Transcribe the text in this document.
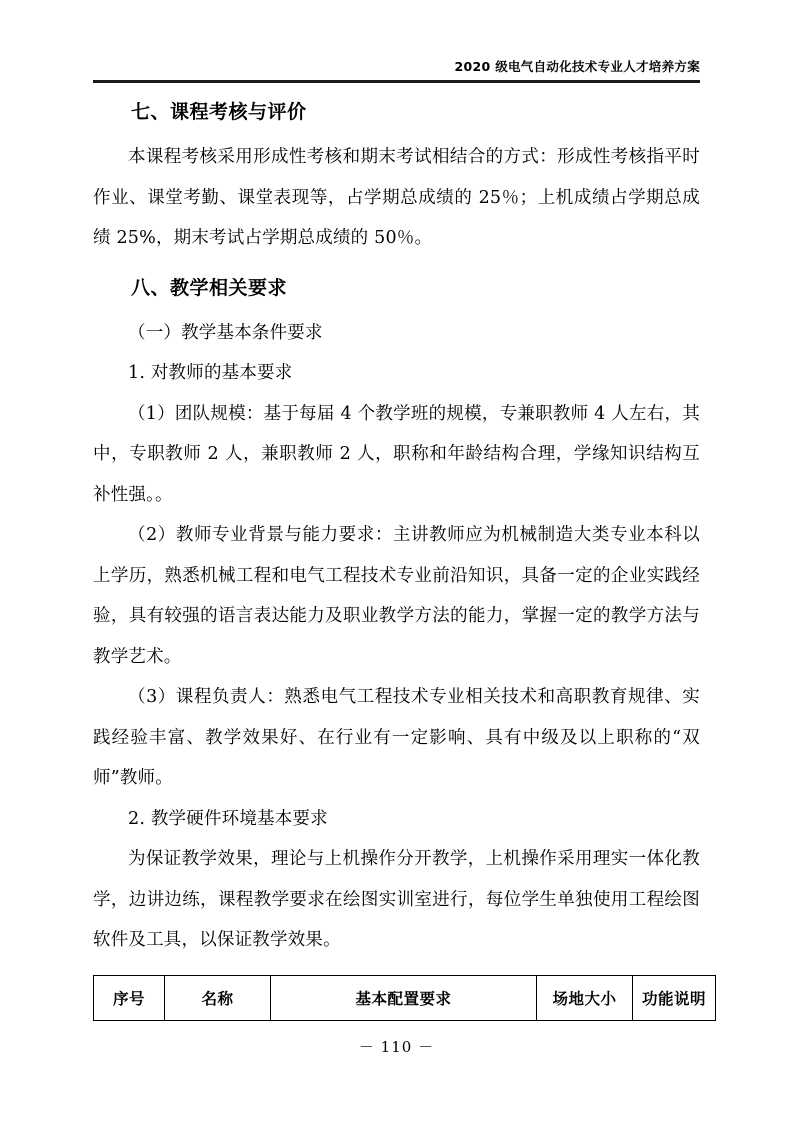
2020 级电气自动化技术专业人才培养方案
七、课程考核与评价

本课程考核采用形成性考核和期末考试相结合的方式：形成性考核指平时作业、课堂考勤、课堂表现等，占学期总成绩的 25％；上机成绩占学期总成绩 25%，期末考试占学期总成绩的 50％。

八、教学相关要求

（一）教学基本条件要求

1. 对教师的基本要求

（1）团队规模：基于每届 4 个教学班的规模，专兼职教师 4 人左右，其中，专职教师 2 人，兼职教师 2 人，职称和年龄结构合理，学缘知识结构互补性强。。

（2）教师专业背景与能力要求：主讲教师应为机械制造大类专业本科以上学历，熟悉机械工程和电气工程技术专业前沿知识，具备一定的企业实践经验，具有较强的语言表达能力及职业教学方法的能力，掌握一定的教学方法与教学艺术。

（3）课程负责人：熟悉电气工程技术专业相关技术和高职教育规律、实践经验丰富、教学效果好、在行业有一定影响、具有中级及以上职称的“双师”教师。

2. 教学硬件环境基本要求

为保证教学效果，理论与上机操作分开教学，上机操作采用理实一体化教学，边讲边练，课程教学要求在绘图实训室进行，每位学生单独使用工程绘图软件及工具，以保证教学效果。

序号	名称	基本配置要求	场地大小	功能说明
－ 110 －
